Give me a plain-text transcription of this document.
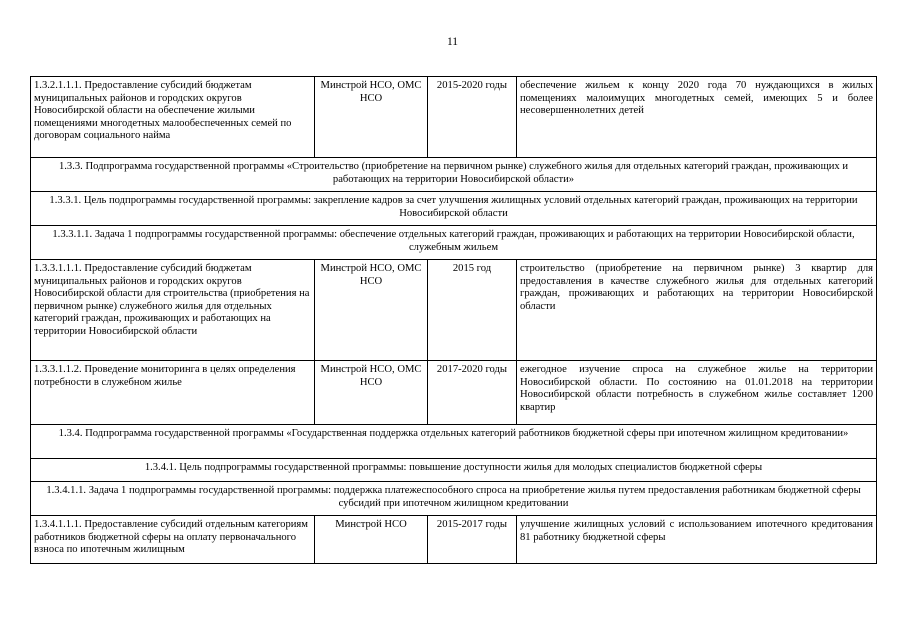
11
1.3.2.1.1.1. Предоставление субсидий бюджетам муниципальных районов и городских округов Новосибирской области на обеспечение жилыми помещениями многодетных малообеспеченных семей по договорам социального найма	Минстрой НСО, ОМС НСО	2015-2020 годы	обеспечение жильем к концу 2020 года 70 нуждающихся в жилых помещениях малоимущих многодетных семей, имеющих 5 и более несовершеннолетних детей
1.3.3. Подпрограмма государственной программы «Строительство (приобретение на первичном рынке) служебного жилья для отдельных категорий граждан, проживающих и работающих на территории Новосибирской области»			
1.3.3.1. Цель подпрограммы государственной программы: закрепление кадров за счет улучшения жилищных условий отдельных категорий граждан, проживающих на территории Новосибирской области			
1.3.3.1.1. Задача 1 подпрограммы государственной программы: обеспечение отдельных категорий граждан, проживающих и работающих на территории Новосибирской области, служебным жильем			
1.3.3.1.1.1. Предоставление субсидий бюджетам муниципальных районов и городских округов Новосибирской области для строительства (приобретения на первичном рынке) служебного жилья для отдельных категорий граждан, проживающих и работающих на территории Новосибирской области	Минстрой НСО, ОМС НСО	2015 год	строительство (приобретение на первичном рынке) 3 квартир для предоставления в качестве служебного жилья для отдельных категорий граждан, проживающих и работающих на территории Новосибирской области
1.3.3.1.1.2. Проведение мониторинга в целях определения потребности в служебном жилье	Минстрой НСО, ОМС НСО	2017-2020 годы	ежегодное изучение спроса на служебное жилье на территории Новосибирской области. По состоянию на 01.01.2018 на территории Новосибирской области потребность в служебном жилье составляет 1200 квартир
1.3.4. Подпрограмма государственной программы «Государственная поддержка отдельных категорий работников бюджетной сферы при ипотечном жилищном кредитовании»			
1.3.4.1. Цель подпрограммы государственной программы: повышение доступности жилья для молодых специалистов бюджетной сферы			
1.3.4.1.1. Задача 1 подпрограммы государственной программы: поддержка платежеспособного спроса на приобретение жилья путем предоставления работникам бюджетной сферы субсидий при ипотечном жилищном кредитовании			
1.3.4.1.1.1. Предоставление субсидий отдельным категориям работников бюджетной сферы на оплату первоначального взноса по ипотечным жилищным	Минстрой НСО	2015-2017 годы	улучшение жилищных условий с использованием ипотечного кредитования 81 работнику бюджетной сферы
